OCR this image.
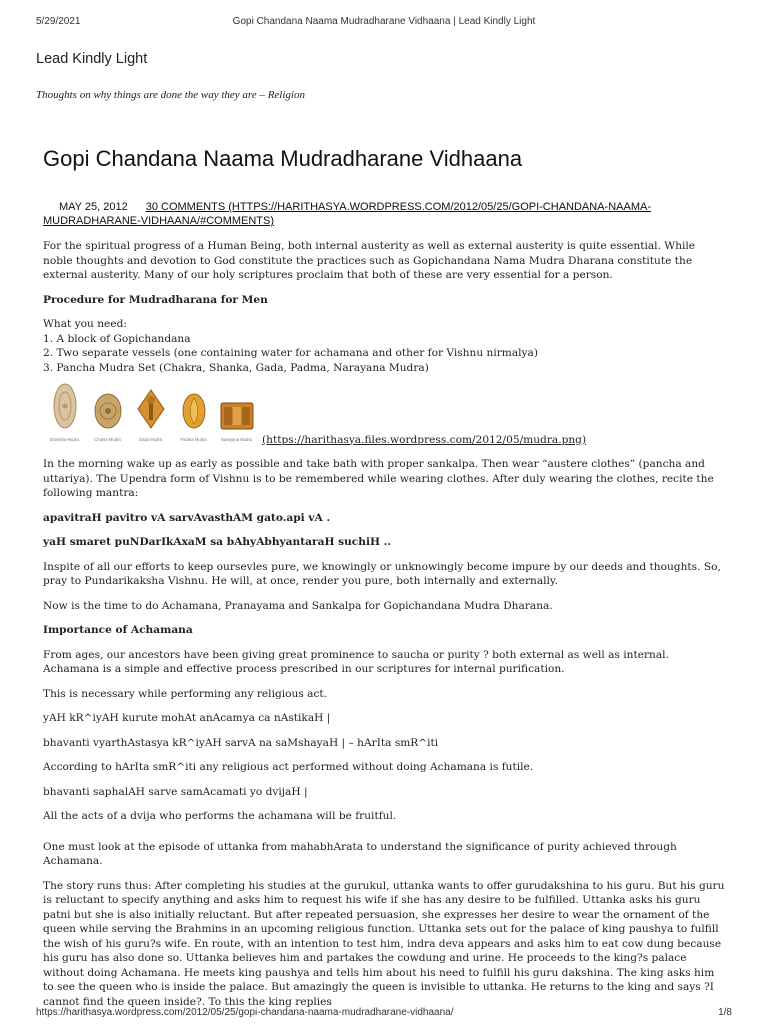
5/29/2021	Gopi Chandana Naama Mudradharane Vidhaana | Lead Kindly Light
Lead Kindly Light
Thoughts on why things are done the way they are – Religion
Gopi Chandana Naama Mudradharane Vidhaana
MAY 25, 2012 30 COMMENTS (HTTPS://HARITHASYA.WORDPRESS.COM/2012/05/25/GOPI-CHANDANA-NAAMA-MUDRADHARANE-VIDHAANA/#COMMENTS)

For the spiritual progress of a Human Being, both internal austerity as well as external austerity is quite essential. While noble thoughts and devotion to God constitute the practices such as Gopichandana Nama Mudra Dharana constitute the external austerity. Many of our holy scriptures proclaim that both of these are very essential for a person.

Procedure for Mudradharana for Men

What you need:
1. A block of Gopichandana
2. Two separate vessels (one containing water for achamana and other for Vishnu nirmalya)
3. Pancha Mudra Set (Chakra, Shanka, Gada, Padma, Narayana Mudra)
Shankha Mudra	Chakra Mudra	Gada Mudra	Padma Mudra	Narayana Mudra (https://harithasya.files.wordpress.com/2012/05/mudra.png)

In the morning wake up as early as possible and take bath with proper sankalpa. Then wear “austere clothes” (pancha and uttariya). The Upendra form of Vishnu is to be remembered while wearing clothes. After duly wearing the clothes, recite the following mantra:

apavitraH pavitro vA sarvAvasthAM gato.api vA .

yaH smaret puNDarIkAxaM sa bAhyAbhyantaraH suchiH ..

Inspite of all our efforts to keep oursevles pure, we knowingly or unknowingly become impure by our deeds and thoughts. So, pray to Pundarikaksha Vishnu. He will, at once, render you pure, both internally and externally.

Now is the time to do Achamana, Pranayama and Sankalpa for Gopichandana Mudra Dharana.

Importance of Achamana

From ages, our ancestors have been giving great prominence to saucha or purity ? both external as well as internal. Achamana is a simple and effective process prescribed in our scriptures for internal purification.

This is necessary while performing any religious act.

yAH kR^iyAH kurute mohAt anAcamya ca nAstikaH |

bhavanti vyarthAstasya kR^iyAH sarvA na saMshayaH | – hArIta smR^iti

According to hArIta smR^iti any religious act performed without doing Achamana is futile.

bhavanti saphalAH sarve samAcamati yo dvijaH |

All the acts of a dvija who performs the achamana will be fruitful.

One must look at the episode of uttanka from mahabhArata to understand the significance of purity achieved through Achamana.

The story runs thus: After completing his studies at the gurukul, uttanka wants to offer gurudakshina to his guru. But his guru is reluctant to specify anything and asks him to request his wife if she has any desire to be fulfilled. Uttanka asks his guru patni but she is also initially reluctant. But after repeated persuasion, she expresses her desire to wear the ornament of the queen while serving the Brahmins in an upcoming religious function. Uttanka sets out for the palace of king paushya to fulfill the wish of his guru?s wife. En route, with an intention to test him, indra deva appears and asks him to eat cow dung because his guru has also done so. Uttanka believes him and partakes the cowdung and urine. He proceeds to the king?s palace without doing Achamana. He meets king paushya and tells him about his need to fulfill his guru dakshina. The king asks him to see the queen who is inside the palace. But amazingly the queen is invisible to uttanka. He returns to the king and says ?I cannot find the queen inside?. To this the king replies

https://harithasya.wordpress.com/2012/05/25/gopi-chandana-naama-mudradharane-vidhaana/	1/8
